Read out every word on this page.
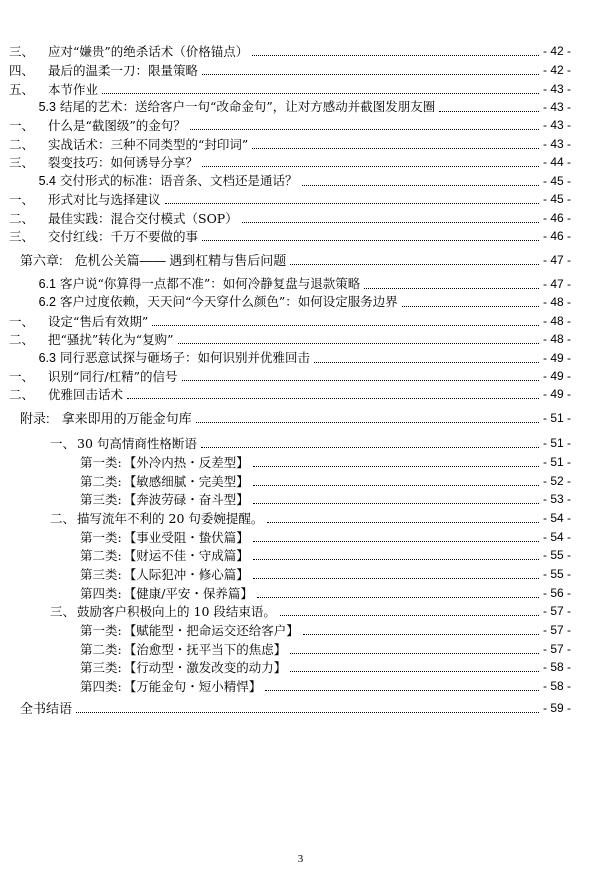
三、 应对“嫌贵”的绝杀话术（价格锚点）	- 42 -
四、 最后的温柔一刀：限量策略	- 42 -
五、 本节作业	- 43 -
5.3 结尾的艺术：送给客户一句“改命金句”，让对方感动并截图发朋友圈	- 43 -
一、 什么是“截图级”的金句？	- 43 -
二、 实战话术：三种不同类型的“封印词”	- 43 -
三、 裂变技巧：如何诱导分享？	- 44 -
5.4 交付形式的标准：语音条、文档还是通话？	- 45 -
一、 形式对比与选择建议	- 45 -
二、 最佳实践：混合交付模式（SOP）	- 46 -
三、 交付红线：千万不要做的事	- 46 -
第六章: 危机公关篇—— 遇到杠精与售后问题	- 47 -
6.1 客户说“你算得一点都不准”：如何冷静复盘与退款策略	- 47 -
6.2 客户过度依赖，天天问“今天穿什么颜色”：如何设定服务边界	- 48 -
一、 设定“售后有效期”	- 48 -
二、 把“骚扰”转化为“复购”	- 48 -
6.3 同行恶意试探与砸场子：如何识别并优雅回击	- 49 -
一、 识别“同行/杠精”的信号	- 49 -
二、 优雅回击话术	- 49 -
附录: 拿来即用的万能金句库	- 51 -
一、 30 句高情商性格断语	- 51 -
第一类: 【外冷内热・反差型】	- 51 -
第二类: 【敏感细腻・完美型】	- 52 -
第三类: 【奔波劳碌・奋斗型】	- 53 -
二、 描写流年不利的 20 句委婉提醒。	- 54 -
第一类: 【事业受阻・蛰伏篇】	- 54 -
第二类: 【财运不佳・守成篇】	- 55 -
第三类: 【人际犯冲・修心篇】	- 55 -
第四类: 【健康/平安・保养篇】	- 56 -
三、 鼓励客户积极向上的 10 段结束语。	- 57 -
第一类: 【赋能型・把命运交还给客户】	- 57 -
第二类: 【治愈型・抚平当下的焦虑】	- 57 -
第三类: 【行动型・激发改变的动力】	- 58 -
第四类: 【万能金句・短小精悍】	- 58 -
全书结语	- 59 -
3
